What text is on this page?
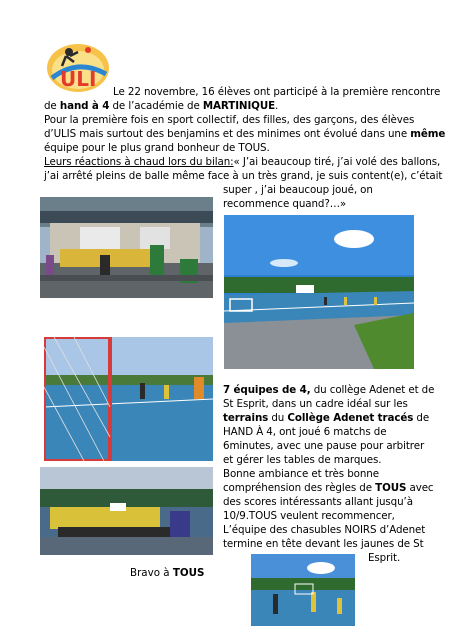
ULI
Le 22 novembre, 16 élèves ont participé à la première rencontre
de hand à 4 de l’académie de MARTINIQUE.
Pour la première fois en sport collectif, des filles, des garçons, des élèves
d’ULIS mais surtout des benjamins et des minimes ont évolué dans une même
équipe pour le plus grand bonheur de TOUS.
Leurs réactions à chaud lors du bilan:« J’ai beaucoup tiré, j’ai volé des ballons,
j’ai arrêté pleins de balle même face à un très grand, je suis content(e), c’était
super , j’ai beaucoup joué, on
recommence quand?…»
7 équipes de 4, du collège Adenet et de
St Esprit, dans un cadre idéal sur les
terrains du Collège Adenet tracés de
HAND À 4, ont joué 6 matchs de
6minutes, avec une pause pour arbitrer
et gérer les tables de marques.
Bonne ambiance et très bonne
compréhension des règles de TOUS avec
des scores intéressants allant jusqu’à
10/9.TOUS veulent recommencer,
L’équipe des chasubles NOIRS d’Adenet
termine en tête devant les jaunes de St
Esprit.
Bravo à TOUS
